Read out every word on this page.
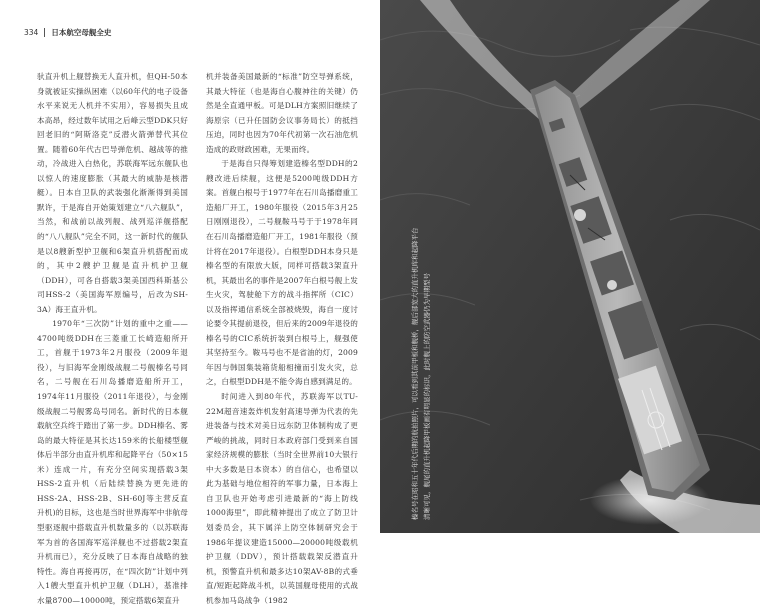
334 日本航空母舰全史

驮直升机上舰替换无人直升机，但QH-50本身就被证实操纵困难（以60年代的电子设备水平来说无人机并不实用），容易损失且成本高昂，经过数年试用之后峰云型DDK只好回老旧的“阿斯洛克”反潜火箭弹替代其位置。随着60年代古巴导弹危机、越战等的推动，冷战进入白热化，苏联海军远东舰队也以惊人的速度膨胀（其最大的威胁是核潜艇）。日本自卫队的武装强化渐渐得到美国默许，于是海自开始策划建立“八六舰队”，当然，和战前以战列舰、战列巡洋舰搭配的“八八舰队”完全不同，这一新时代的舰队是以8艘新型护卫舰和6架直升机搭配而成的，其中2艘护卫舰是直升机护卫舰（DDH），可各自搭载3架美国西科斯基公司HSS-2（美国海军原编号，后改为SH-3A）海王直升机。

1970年“三次防”计划的重中之重——4700吨级DDH在三菱重工长崎造船所开工，首舰于1973年2月服役（2009年退役），与旧海军金刚级战舰二号舰榛名号同名，二号舰在石川岛播磨造船所开工，1974年11月服役（2011年退役），与金刚级战舰二号舰雾岛号同名。新时代的日本舰载航空兵终于踏出了第一步。DDH榛名、雾岛的最大特征是其长达159米的长船楼型舰体后半部分由直升机库和起降平台（50×15米）连成一片，有充分空间实现搭载3架HSS-2直升机（后陆续替换为更先进的HSS-2A、HSS-2B、SH-60J等主营反直升机)的目标，这也是当时世界海军中非航母型驱逐舰中搭载直升机数量多的（以苏联海军为首的各国海军巡洋舰也不过搭载2架直升机而已），充分反映了日本海自战略的独特性。海自再接再厉，在“四次防”计划中列入1艘大型直升机护卫舰（DLH），基准排水量8700—10000吨，预定搭载6架直升

机并装备美国最新的“标准”防空导弹系统，其最大特征（也是海自心腹神往的关键）仍然是全直通甲板。可是DLH方案照旧继续了海原宗（已升任国防会议事务局长）的抵挡压迫，同时也因为70年代初第一次石油危机造成的政财政困难，无果而终。

于是海自只得筹划建造榛名型DDH的2艘改进后续舰，这便是5200吨级DDH方案。首舰白根号于1977年在石川岛播磨重工造船厂开工，1980年服役（2015年3月25日刚刚退役），二号舰鞍马号于于1978年同在石川岛播磨造船厂开工，1981年服役（预计将在2017年退役）。白根型DDH本身只是榛名型的有限放大版，同样可搭载3架直升机，其最出名的事件是2007年白根号舰上发生火灾，驾驶舱下方的战斗指挥所（CIC）以及指挥通信系统全部被烧毁，海自一度讨论要令其提前退役，但后来的2009年退役的榛名号的CIC系统折装到白根号上，舰强使其坚持至今。鞍马号也不是省油的灯，2009年因与韩国集装箱货船相撞而引发火灾，总之，白根型DDH是不能令海自感到满足的。

时间进入到80年代，苏联海军以TU-22M超音速轰炸机发射高速导弹为代表的先进装备与技术对美日远东防卫体制构成了更严峻的挑战，同时日本政府部门受到来自国家经济规模的膨胀（当时全世界前10大银行中大多数是日本资本）的自信心，也希望以此为基础与地位相符的军事力量，日本海上自卫队也开始考虑引进最新的“海上防线1000海里”，即此精神提出了成立了防卫计划委员会，其下属洋上防空体制研究会于1986年提议建造15000—20000吨级载机护卫舰（DDV），预计搭载载架反潜直升机，预警直升机和最多达10架AV-8B的式垂直/短距起降战斗机，以英国舰母使用的式战机参加马岛战争（1982

榛名号在昭和五十年代后期的航拍照片，可以看到其前甲板和舰桥，舰后部宽大的直升机库和起降平台 清晰可见，舰尾的直升机起降甲板画有明显的标识，此时舰上的防空武器仍为早期型号
